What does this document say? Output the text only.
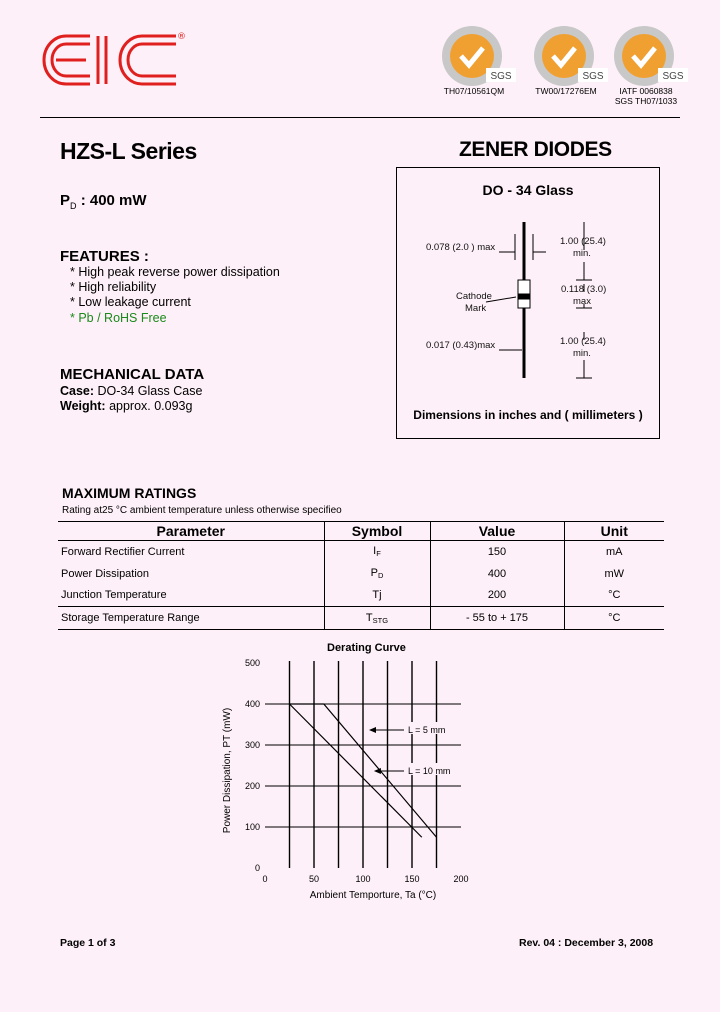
®
SGS
TH07/10561QM
SGS
TW00/17276EM
SGS
IATF 0060838
SGS TH07/1033
HZS-L Series	ZENER DIODES
$P_D$ : 400 mW
FEATURES :
* High peak reverse power dissipation
* High reliability
* Low leakage current
* Pb / RoHS Free
MECHANICAL DATA
Case: DO-34 Glass Case
Weight: approx. 0.093g
DO - 34 Glass
0.078 (2.0 ) max
1.00 (25.4)
min.
Cathode
Mark
0.118 (3.0)
max
0.017 (0.43)max	1.00 (25.4)
min.
Dimensions in inches and ( millimeters )
MAXIMUM RATINGS
Rating at25 °C ambient temperature unless otherwise specifieo
Parameter	Symbol	Value	Unit
Forward Rectifier Current	$I_F$	150	mA
Power Dissipation	$P_D$	400	mW
Junction Temperature	Tj	200	°C
Storage Temperature Range	$T_{STG}$	- 55 to + 175	°C
Derating Curve
0
100
200
300
400
500
0	50	100	150	200
L = 5 mm
L = 10 mm
Ambient Temporture, Ta (°C)
Power Dissipation, PT (mW)
Page 1 of 3	Rev. 04 : December 3, 2008
